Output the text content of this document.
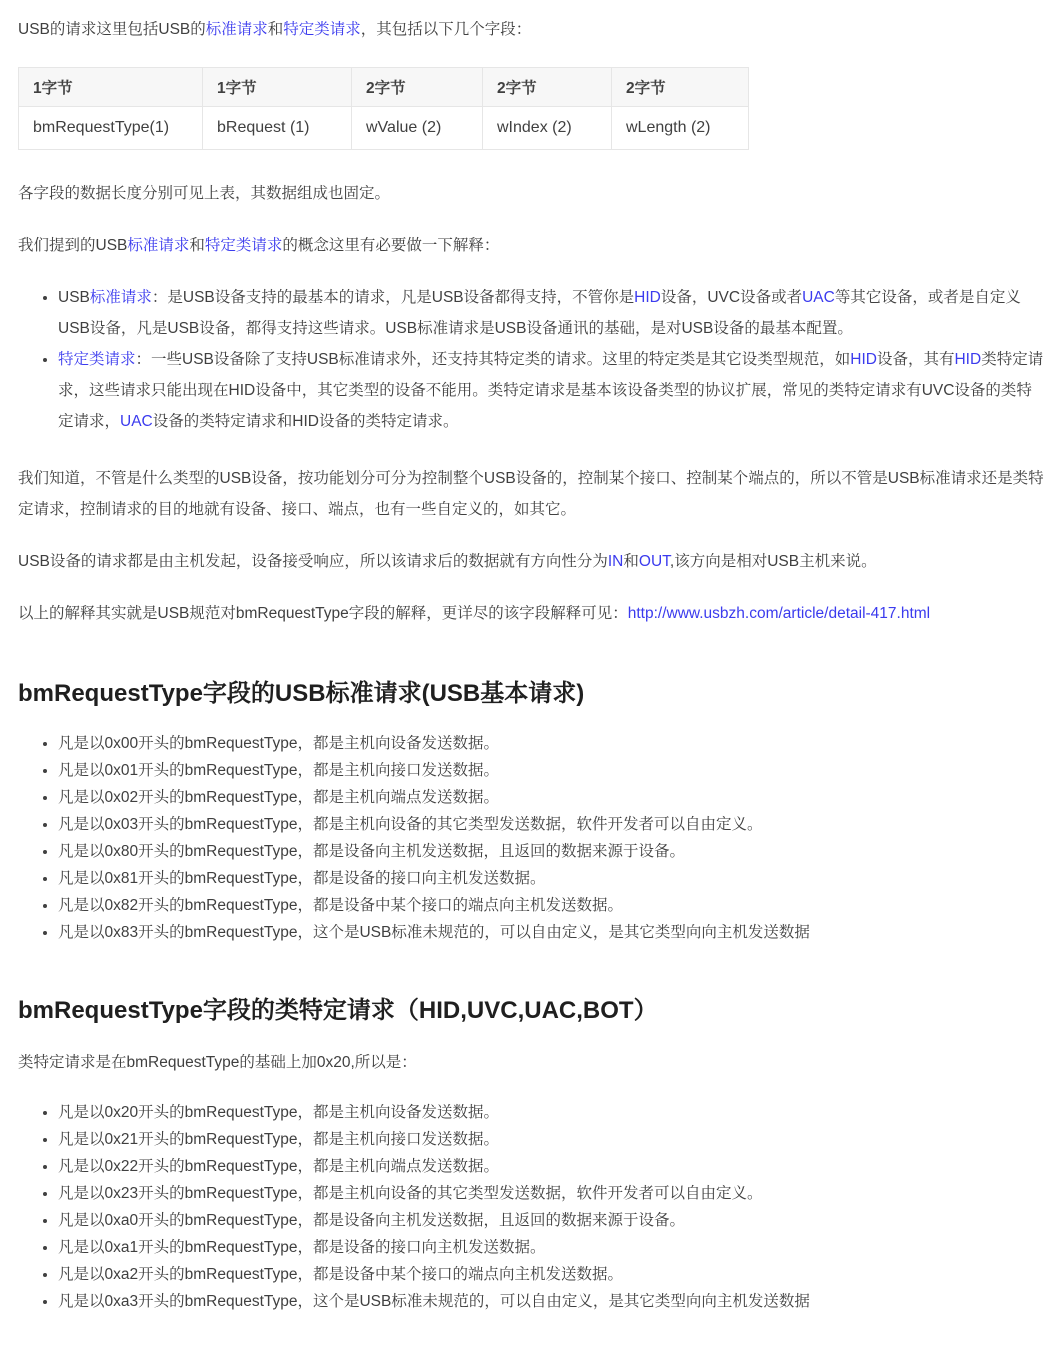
USB的请求这里包括USB的标准请求和特定类请求，其包括以下几个字段：

1字节	1字节	2字节	2字节	2字节
bmRequestType(1)	bRequest (1)	wValue (2)	wIndex (2)	wLength (2)

各字段的数据长度分别可见上表，其数据组成也固定。

我们提到的USB标准请求和特定类请求的概念这里有必要做一下解释：

• USB标准请求：是USB设备支持的最基本的请求，凡是USB设备都得支持，不管你是HID设备，UVC设备或者UAC等其它设备，或者是自定义USB设备，凡是USB设备，都得支持这些请求。USB标准请求是USB设备通讯的基础，是对USB设备的最基本配置。
• 特定类请求：一些USB设备除了支持USB标准请求外，还支持其特定类的请求。这里的特定类是其它设类型规范，如HID设备，其有HID类特定请求，这些请求只能出现在HID设备中，其它类型的设备不能用。类特定请求是基本该设备类型的协议扩展，常见的类特定请求有UVC设备的类特定请求，UAC设备的类特定请求和HID设备的类特定请求。

我们知道，不管是什么类型的USB设备，按功能划分可分为控制整个USB设备的，控制某个接口、控制某个端点的，所以不管是USB标准请求还是类特定请求，控制请求的目的地就有设备、接口、端点，也有一些自定义的，如其它。

USB设备的请求都是由主机发起，设备接受响应，所以该请求后的数据就有方向性分为IN和OUT,该方向是相对USB主机来说。

以上的解释其实就是USB规范对bmRequestType字段的解释，更详尽的该字段解释可见：http://www.usbzh.com/article/detail-417.html

bmRequestType字段的USB标准请求(USB基本请求)
• 凡是以0x00开头的bmRequestType，都是主机向设备发送数据。
• 凡是以0x01开头的bmRequestType，都是主机向接口发送数据。
• 凡是以0x02开头的bmRequestType，都是主机向端点发送数据。
• 凡是以0x03开头的bmRequestType，都是主机向设备的其它类型发送数据，软件开发者可以自由定义。
• 凡是以0x80开头的bmRequestType，都是设备向主机发送数据，且返回的数据来源于设备。
• 凡是以0x81开头的bmRequestType，都是设备的接口向主机发送数据。
• 凡是以0x82开头的bmRequestType，都是设备中某个接口的端点向主机发送数据。
• 凡是以0x83开头的bmRequestType，这个是USB标准未规范的，可以自由定义，是其它类型向向主机发送数据
bmRequestType字段的类特定请求（HID,UVC,UAC,BOT）

类特定请求是在bmRequestType的基础上加0x20,所以是：

• 凡是以0x20开头的bmRequestType，都是主机向设备发送数据。
• 凡是以0x21开头的bmRequestType，都是主机向接口发送数据。
• 凡是以0x22开头的bmRequestType，都是主机向端点发送数据。
• 凡是以0x23开头的bmRequestType，都是主机向设备的其它类型发送数据，软件开发者可以自由定义。
• 凡是以0xa0开头的bmRequestType，都是设备向主机发送数据，且返回的数据来源于设备。
• 凡是以0xa1开头的bmRequestType，都是设备的接口向主机发送数据。
• 凡是以0xa2开头的bmRequestType，都是设备中某个接口的端点向主机发送数据。
• 凡是以0xa3开头的bmRequestType，这个是USB标准未规范的，可以自由定义，是其它类型向向主机发送数据
